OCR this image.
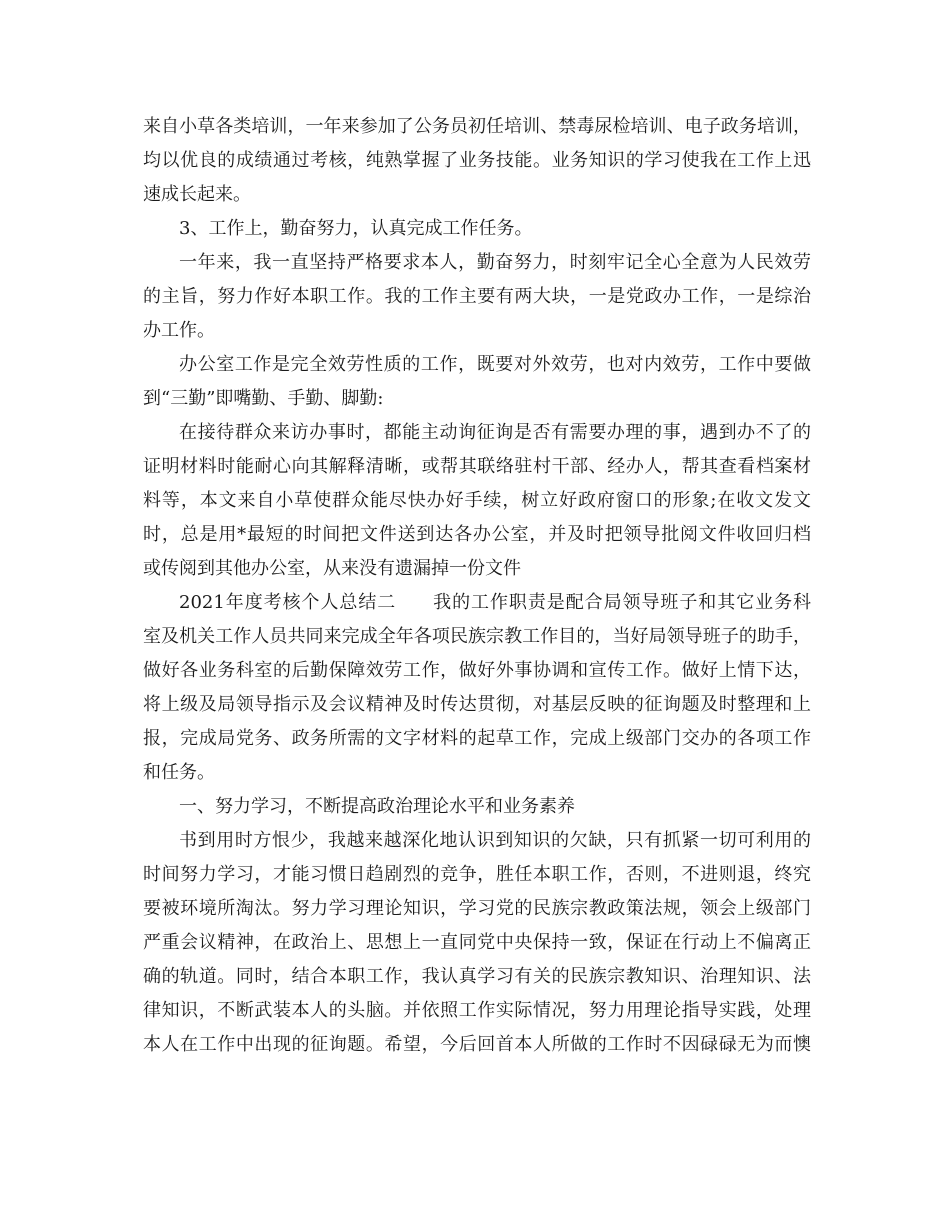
来自小草各类培训，一年来参加了公务员初任培训、禁毒尿检培训、电子政务培训，
均以优良的成绩通过考核，纯熟掌握了业务技能。业务知识的学习使我在工作上迅
速成长起来。
3、工作上，勤奋努力，认真完成工作任务。
一年来，我一直坚持严格要求本人，勤奋努力，时刻牢记全心全意为人民效劳
的主旨，努力作好本职工作。我的工作主要有两大块，一是党政办工作，一是综治
办工作。
办公室工作是完全效劳性质的工作，既要对外效劳，也对内效劳，工作中要做
到“三勤”即嘴勤、手勤、脚勤:
在接待群众来访办事时，都能主动询征询是否有需要办理的事，遇到办不了的
证明材料时能耐心向其解释清晰，或帮其联络驻村干部、经办人，帮其查看档案材
料等，本文来自小草使群众能尽快办好手续，树立好政府窗口的形象;在收文发文
时，总是用*最短的时间把文件送到达各办公室，并及时把领导批阅文件收回归档
或传阅到其他办公室，从来没有遗漏掉一份文件
2021年度考核个人总结二 我的工作职责是配合局领导班子和其它业务科
室及机关工作人员共同来完成全年各项民族宗教工作目的，当好局领导班子的助手，
做好各业务科室的后勤保障效劳工作，做好外事协调和宣传工作。做好上情下达，
将上级及局领导指示及会议精神及时传达贯彻，对基层反映的征询题及时整理和上
报，完成局党务、政务所需的文字材料的起草工作，完成上级部门交办的各项工作
和任务。
一、努力学习，不断提高政治理论水平和业务素养
书到用时方恨少，我越来越深化地认识到知识的欠缺，只有抓紧一切可利用的
时间努力学习，才能习惯日趋剧烈的竞争，胜任本职工作，否则，不进则退，终究
要被环境所淘汰。努力学习理论知识，学习党的民族宗教政策法规，领会上级部门
严重会议精神，在政治上、思想上一直同党中央保持一致，保证在行动上不偏离正
确的轨道。同时，结合本职工作，我认真学习有关的民族宗教知识、治理知识、法
律知识，不断武装本人的头脑。并依照工作实际情况，努力用理论指导实践，处理
本人在工作中出现的征询题。希望，今后回首本人所做的工作时不因碌碌无为而懊
